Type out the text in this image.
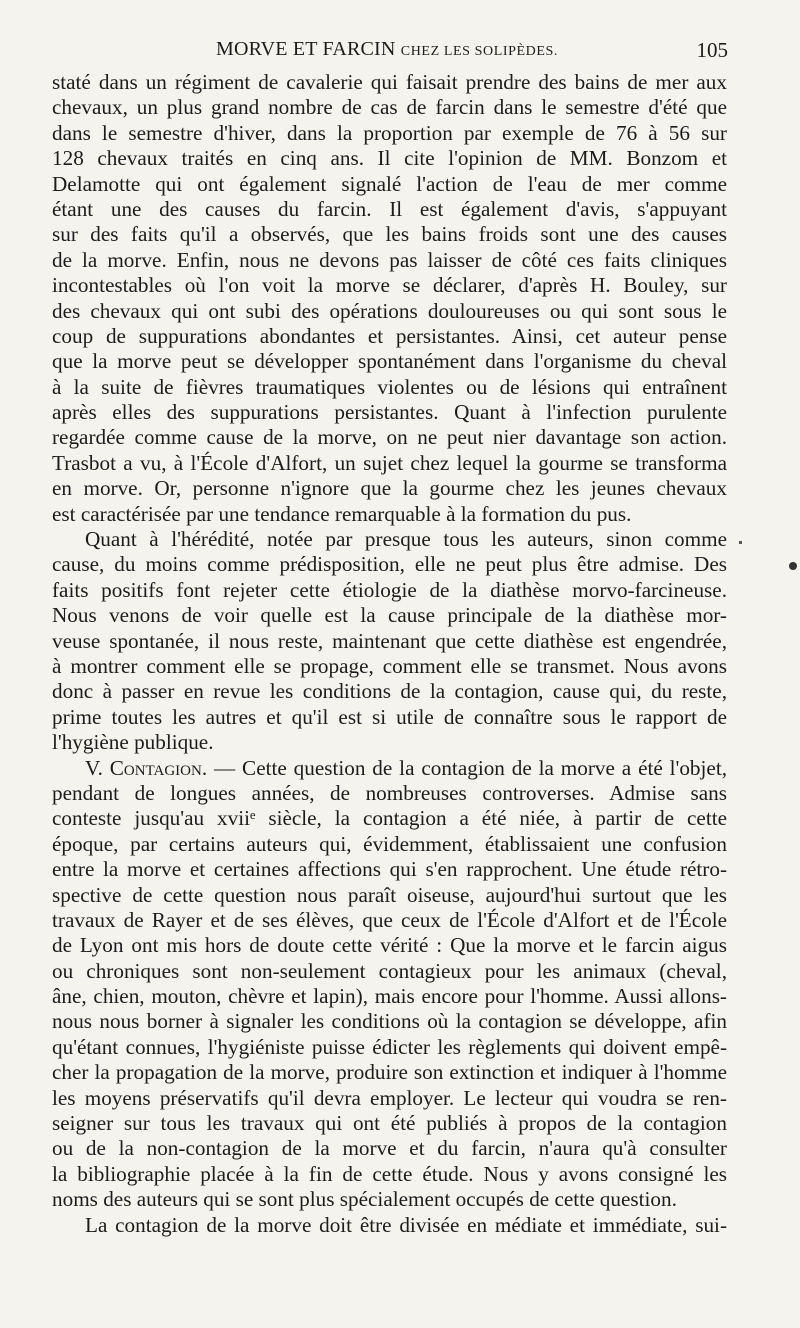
MORVE ET FARCIN CHEZ LES SOLIPÈDES.	105
staté dans un régiment de cavalerie qui faisait prendre des bains de mer aux
chevaux, un plus grand nombre de cas de farcin dans le semestre d'été que
dans le semestre d'hiver, dans la proportion par exemple de 76 à 56 sur
128 chevaux traités en cinq ans. Il cite l'opinion de MM. Bonzom et
Delamotte qui ont également signalé l'action de l'eau de mer comme
étant une des causes du farcin. Il est également d'avis, s'appuyant
sur des faits qu'il a observés, que les bains froids sont une des causes
de la morve. Enfin, nous ne devons pas laisser de côté ces faits cliniques
incontestables où l'on voit la morve se déclarer, d'après H. Bouley, sur
des chevaux qui ont subi des opérations douloureuses ou qui sont sous le
coup de suppurations abondantes et persistantes. Ainsi, cet auteur pense
que la morve peut se développer spontanément dans l'organisme du cheval
à la suite de fièvres traumatiques violentes ou de lésions qui entraînent
après elles des suppurations persistantes. Quant à l'infection purulente
regardée comme cause de la morve, on ne peut nier davantage son action.
Trasbot a vu, à l'École d'Alfort, un sujet chez lequel la gourme se transforma
en morve. Or, personne n'ignore que la gourme chez les jeunes chevaux
est caractérisée par une tendance remarquable à la formation du pus.
Quant à l'hérédité, notée par presque tous les auteurs, sinon comme
cause, du moins comme prédisposition, elle ne peut plus être admise. Des
faits positifs font rejeter cette étiologie de la diathèse morvo-farcineuse.
Nous venons de voir quelle est la cause principale de la diathèse mor-
veuse spontanée, il nous reste, maintenant que cette diathèse est engendrée,
à montrer comment elle se propage, comment elle se transmet. Nous avons
donc à passer en revue les conditions de la contagion, cause qui, du reste,
prime toutes les autres et qu'il est si utile de connaître sous le rapport de
l'hygiène publique.
V. Contagion. — Cette question de la contagion de la morve a été l'objet,
pendant de longues années, de nombreuses controverses. Admise sans
conteste jusqu'au xviiᵉ siècle, la contagion a été niée, à partir de cette
époque, par certains auteurs qui, évidemment, établissaient une confusion
entre la morve et certaines affections qui s'en rapprochent. Une étude rétro-
spective de cette question nous paraît oiseuse, aujourd'hui surtout que les
travaux de Rayer et de ses élèves, que ceux de l'École d'Alfort et de l'École
de Lyon ont mis hors de doute cette vérité : Que la morve et le farcin aigus
ou chroniques sont non-seulement contagieux pour les animaux (cheval,
âne, chien, mouton, chèvre et lapin), mais encore pour l'homme. Aussi allons-
nous nous borner à signaler les conditions où la contagion se développe, afin
qu'étant connues, l'hygiéniste puisse édicter les règlements qui doivent empê-
cher la propagation de la morve, produire son extinction et indiquer à l'homme
les moyens préservatifs qu'il devra employer. Le lecteur qui voudra se ren-
seigner sur tous les travaux qui ont été publiés à propos de la contagion
ou de la non-contagion de la morve et du farcin, n'aura qu'à consulter
la bibliographie placée à la fin de cette étude. Nous y avons consigné les
noms des auteurs qui se sont plus spécialement occupés de cette question.
La contagion de la morve doit être divisée en médiate et immédiate, sui-
